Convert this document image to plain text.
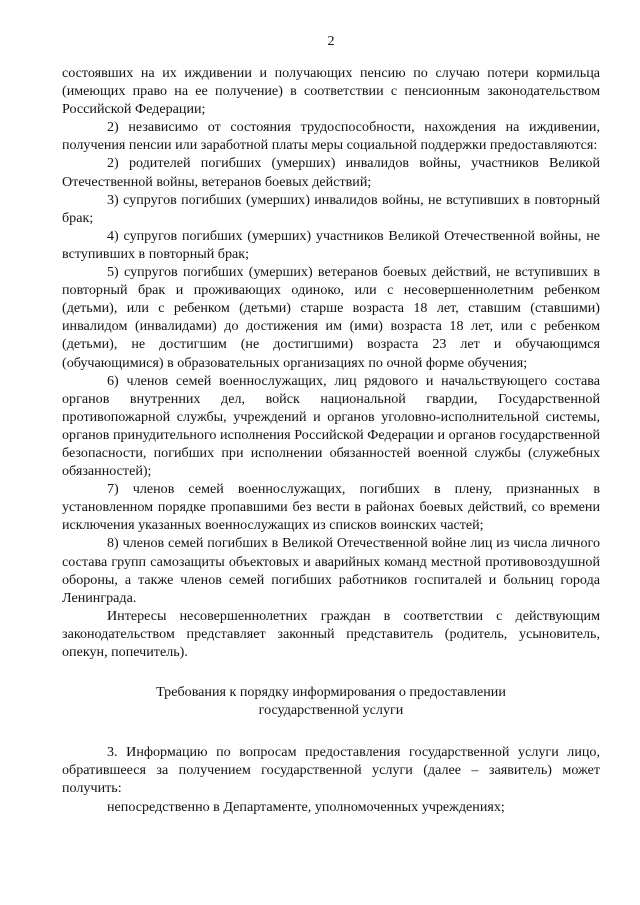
2

состоявших на их иждивении и получающих пенсию по случаю потери кормильца (имеющих право на ее получение) в соответствии с пенсионным законодательством Российской Федерации;

2) независимо от состояния трудоспособности, нахождения на иждивении, получения пенсии или заработной платы меры социальной поддержки предоставляются:

2) родителей погибших (умерших) инвалидов войны, участников Великой Отечественной войны, ветеранов боевых действий;

3) супругов погибших (умерших) инвалидов войны, не вступивших в повторный брак;

4) супругов погибших (умерших) участников Великой Отечественной войны, не вступивших в повторный брак;

5) супругов погибших (умерших) ветеранов боевых действий, не вступивших в повторный брак и проживающих одиноко, или с несовершеннолетним ребенком (детьми), или с ребенком (детьми) старше возраста 18 лет, ставшим (ставшими) инвалидом (инвалидами) до достижения им (ими) возраста 18 лет, или с ребенком (детьми), не достигшим (не достигшими) возраста 23 лет и обучающимся (обучающимися) в образовательных организациях по очной форме обучения;

6) членов семей военнослужащих, лиц рядового и начальствующего состава органов внутренних дел, войск национальной гвардии, Государственной противопожарной службы, учреждений и органов уголовно-исполнительной системы, органов принудительного исполнения Российской Федерации и органов государственной безопасности, погибших при исполнении обязанностей военной службы (служебных обязанностей);

7) членов семей военнослужащих, погибших в плену, признанных в установленном порядке пропавшими без вести в районах боевых действий, со времени исключения указанных военнослужащих из списков воинских частей;

8) членов семей погибших в Великой Отечественной войне лиц из числа личного состава групп самозащиты объектовых и аварийных команд местной противовоздушной обороны, а также членов семей погибших работников госпиталей и больниц города Ленинграда.

Интересы несовершеннолетних граждан в соответствии с действующим законодательством представляет законный представитель (родитель, усыновитель, опекун, попечитель).

Требования к порядку информирования о предоставлении
государственной услуги

3. Информацию по вопросам предоставления государственной услуги лицо, обратившееся за получением государственной услуги (далее – заявитель) может получить:

непосредственно в Департаменте, уполномоченных учреждениях;
